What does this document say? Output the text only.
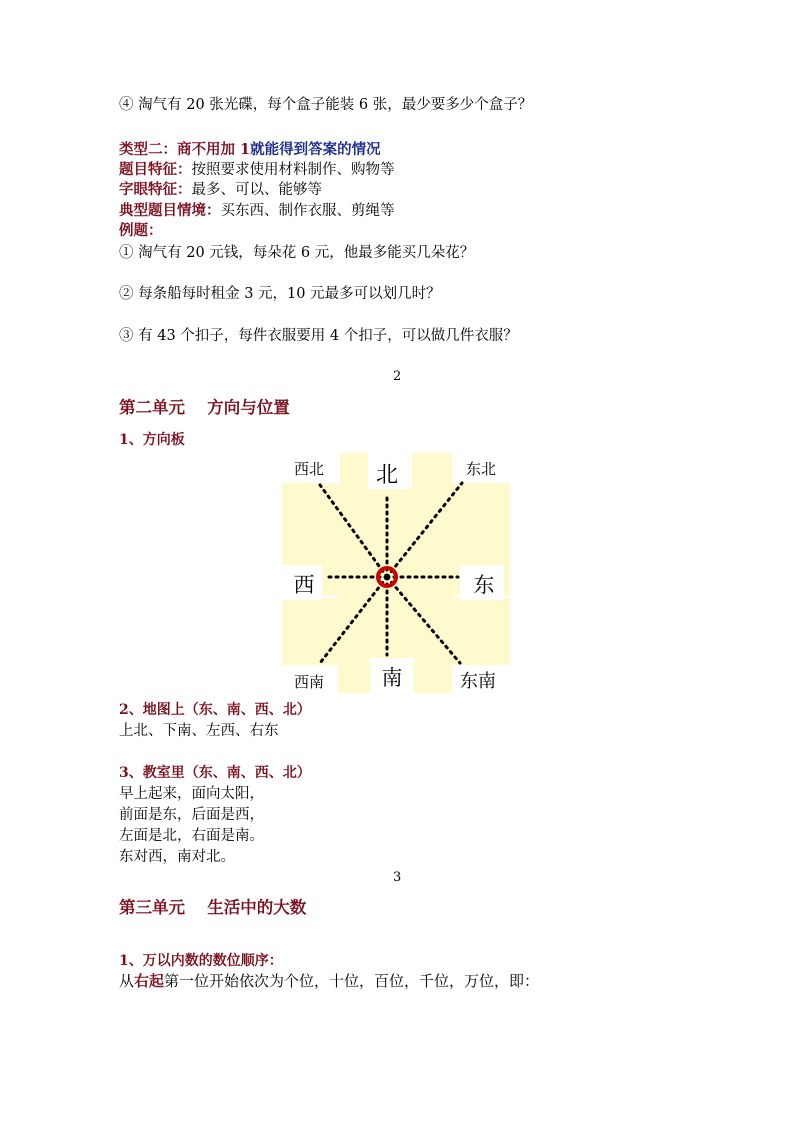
④ 淘气有 20 张光碟，每个盒子能装 6 张，最少要多少个盒子？
类型二：商不用加 1就能得到答案的情况
题目特征：按照要求使用材料制作、购物等
字眼特征：最多、可以、能够等
典型题目情境：买东西、制作衣服、剪绳等
例题：
① 淘气有 20 元钱，每朵花 6 元，他最多能买几朵花？
② 每条船每时租金 3 元，10 元最多可以划几时？
③ 有 43 个扣子，每件衣服要用 4 个扣子，可以做几件衣服？
2
第二单元　 方向与位置
1、方向板
北
西北	东北
西	东
西南	南	东南
2、地图上（东、南、西、北）
上北、下南、左西、右东
3、教室里（东、南、西、北）
早上起来，面向太阳，
前面是东，后面是西，
左面是北，右面是南。
东对西，南对北。
3
第三单元　 生活中的大数
1、万以内数的数位顺序：
从右起第一位开始依次为个位，十位，百位，千位，万位，即：
